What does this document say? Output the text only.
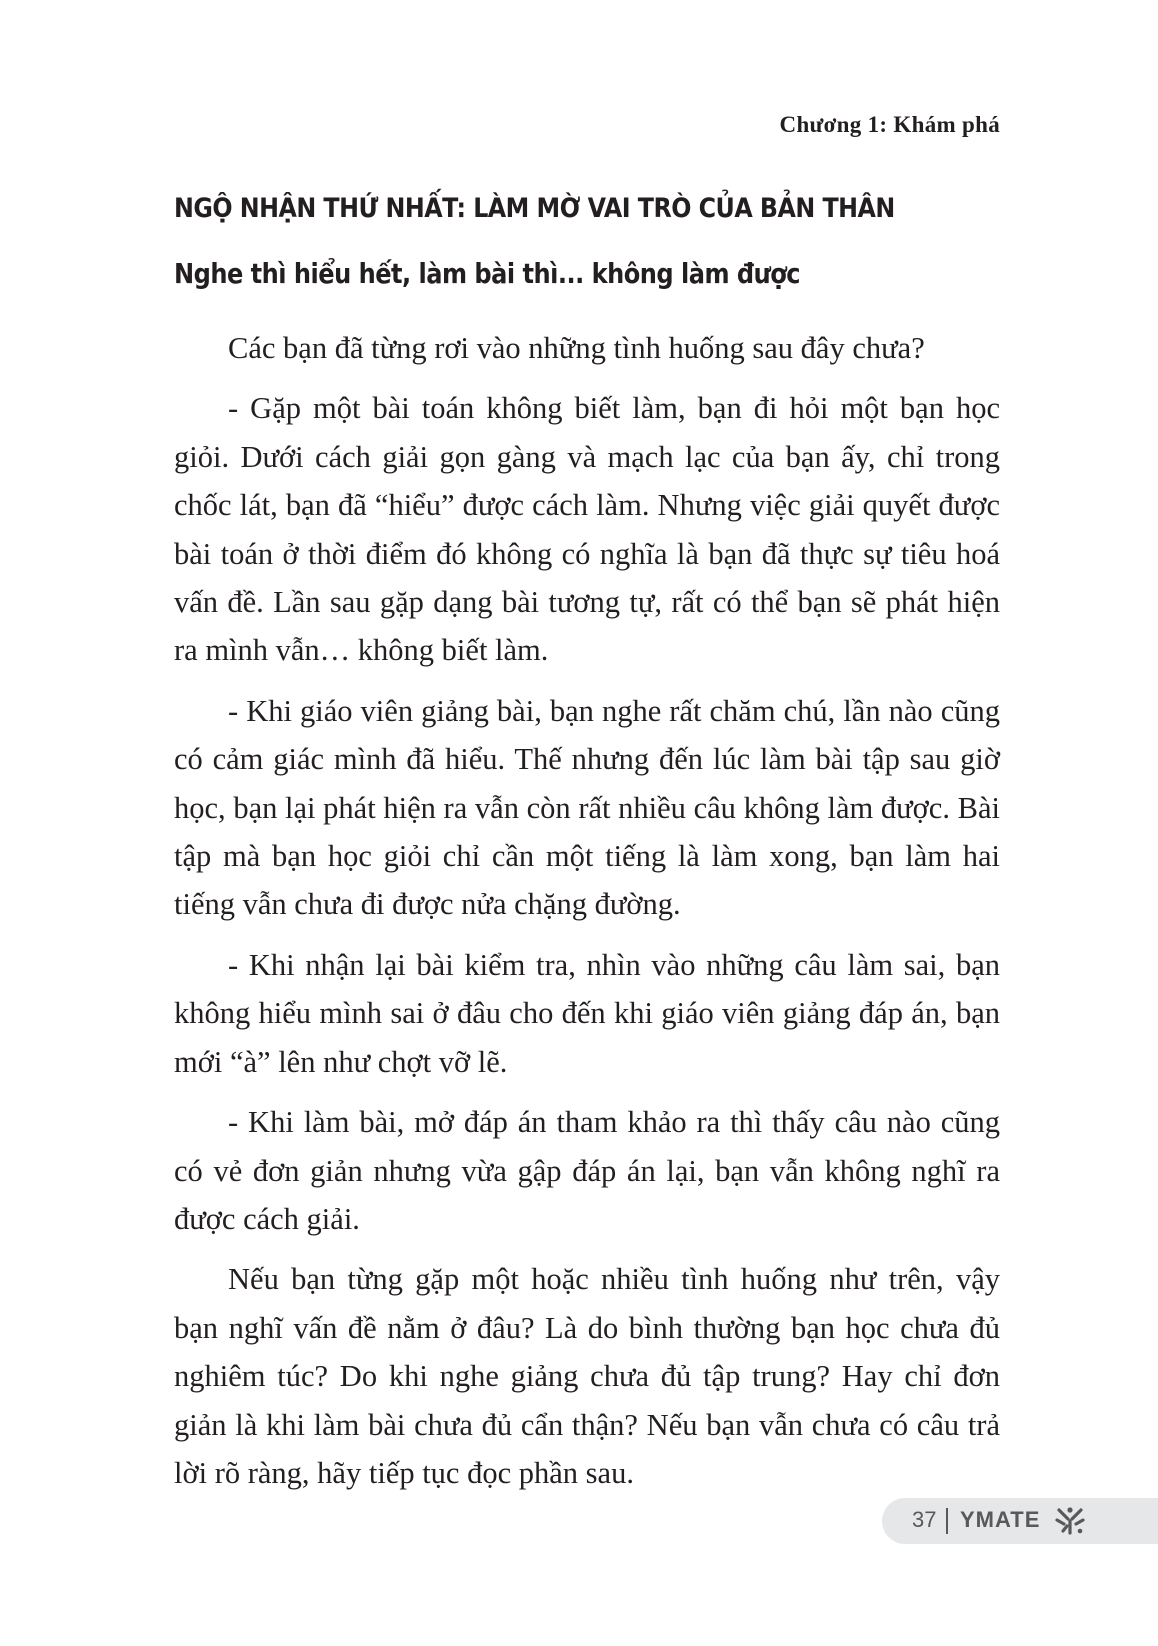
Chương 1: Khám phá
NGỘ NHẬN THỨ NHẤT: LÀM MỜ VAI TRÒ CỦA BẢN THÂN
Nghe thì hiểu hết, làm bài thì... không làm được

Các bạn đã từng rơi vào những tình huống sau đây chưa?

- Gặp một bài toán không biết làm, bạn đi hỏi một bạn học giỏi. Dưới cách giải gọn gàng và mạch lạc của bạn ấy, chỉ trong chốc lát, bạn đã “hiểu” được cách làm. Nhưng việc giải quyết được bài toán ở thời điểm đó không có nghĩa là bạn đã thực sự tiêu hoá vấn đề. Lần sau gặp dạng bài tương tự, rất có thể bạn sẽ phát hiện ra mình vẫn… không biết làm.

- Khi giáo viên giảng bài, bạn nghe rất chăm chú, lần nào cũng có cảm giác mình đã hiểu. Thế nhưng đến lúc làm bài tập sau giờ học, bạn lại phát hiện ra vẫn còn rất nhiều câu không làm được. Bài tập mà bạn học giỏi chỉ cần một tiếng là làm xong, bạn làm hai tiếng vẫn chưa đi được nửa chặng đường.

- Khi nhận lại bài kiểm tra, nhìn vào những câu làm sai, bạn không hiểu mình sai ở đâu cho đến khi giáo viên giảng đáp án, bạn mới “à” lên như chợt vỡ lẽ.

- Khi làm bài, mở đáp án tham khảo ra thì thấy câu nào cũng có vẻ đơn giản nhưng vừa gập đáp án lại, bạn vẫn không nghĩ ra được cách giải.

Nếu bạn từng gặp một hoặc nhiều tình huống như trên, vậy bạn nghĩ vấn đề nằm ở đâu? Là do bình thường bạn học chưa đủ nghiêm túc? Do khi nghe giảng chưa đủ tập trung? Hay chỉ đơn giản là khi làm bài chưa đủ cẩn thận? Nếu bạn vẫn chưa có câu trả lời rõ ràng, hãy tiếp tục đọc phần sau.

37 YMATE
